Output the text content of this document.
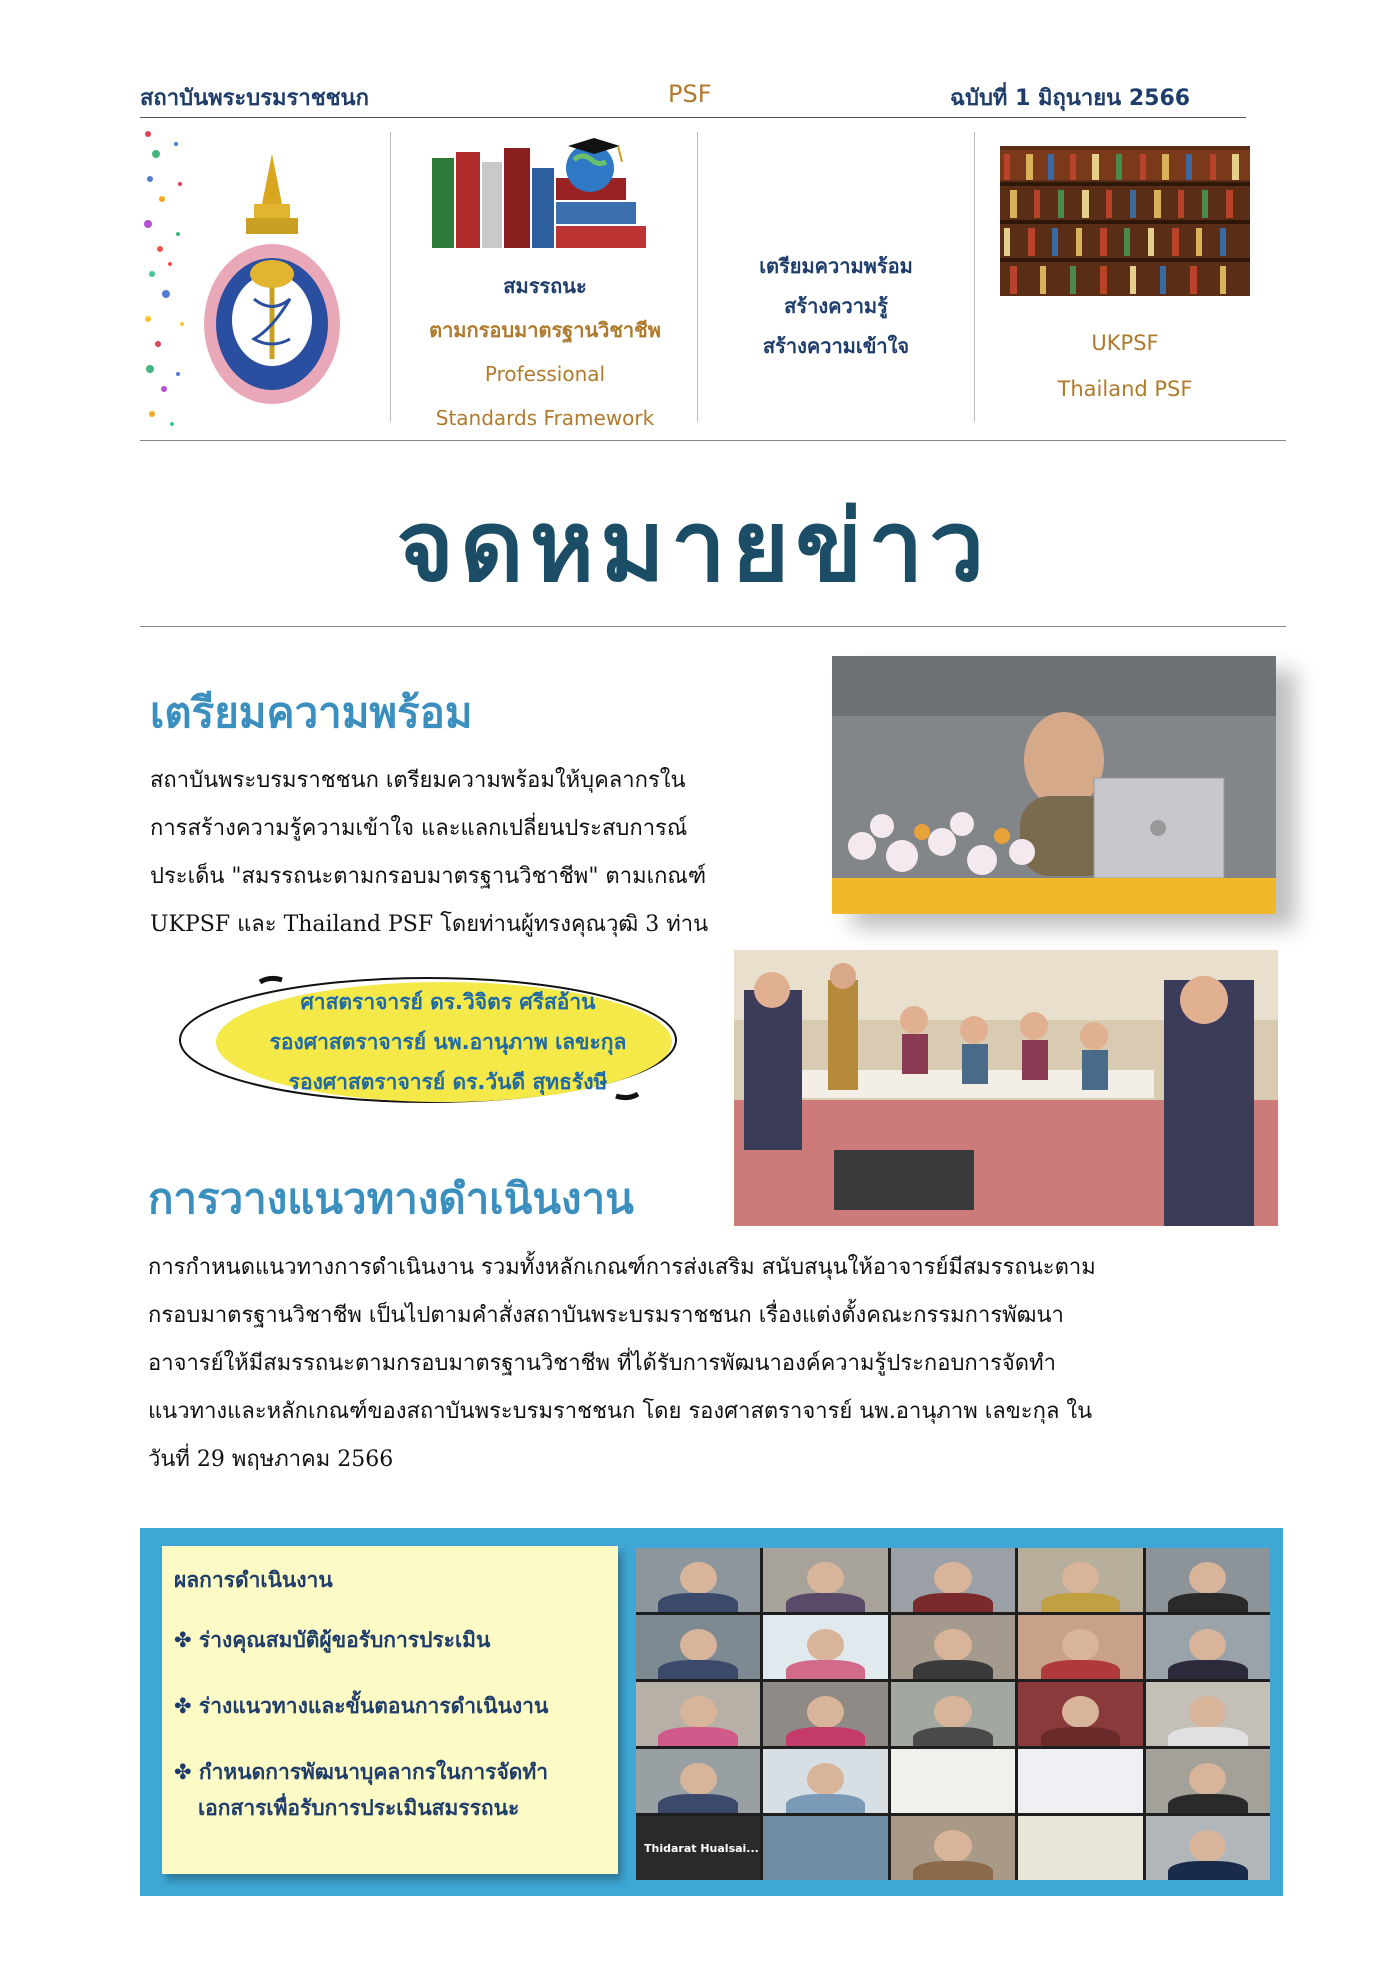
สถาบันพระบรมราชชนก	PSF	ฉบับที่ 1 มิถุนายน 2566
สมรรถนะ
ตามกรอบมาตรฐานวิชาชีพ
Professional
Standards Framework
เตรียมความพร้อม
สร้างความรู้
สร้างความเข้าใจ	UKPSF
Thailand PSF
จดหมายข่าว
เตรียมความพร้อม
สถาบันพระบรมราชชนก เตรียมความพร้อมให้บุคลากรใน
การสร้างความรู้ความเข้าใจ และแลกเปลี่ยนประสบการณ์
ประเด็น "สมรรถนะตามกรอบมาตรฐานวิชาชีพ" ตามเกณฑ์
UKPSF และ Thailand PSF โดยท่านผู้ทรงคุณวุฒิ 3 ท่าน
ศาสตราจารย์ ดร.วิจิตร ศรีสอ้าน
รองศาสตราจารย์ นพ.อานุภาพ เลขะกุล
รองศาสตราจารย์ ดร.วันดี สุทธรังษี
การวางแนวทางดำเนินงาน
การกำหนดแนวทางการดำเนินงาน รวมทั้งหลักเกณฑ์การส่งเสริม สนับสนุนให้อาจารย์มีสมรรถนะตาม
กรอบมาตรฐานวิชาชีพ เป็นไปตามคำสั่งสถาบันพระบรมราชชนก เรื่องแต่งตั้งคณะกรรมการพัฒนา
อาจารย์ให้มีสมรรถนะตามกรอบมาตรฐานวิชาชีพ ที่ได้รับการพัฒนาองค์ความรู้ประกอบการจัดทำ
แนวทางและหลักเกณฑ์ของสถาบันพระบรมราชชนก โดย รองศาสตราจารย์ นพ.อานุภาพ เลขะกุล ใน
วันที่ 29 พฤษภาคม 2566
ผลการดำเนินงาน
✤ ร่างคุณสมบัติผู้ขอรับการประเมิน
✤ ร่างแนวทางและขั้นตอนการดำเนินงาน
✤ กำหนดการพัฒนาบุคลากรในการจัดทำ
เอกสารเพื่อรับการประเมินสมรรถนะ
Thidarat Hualsai...
